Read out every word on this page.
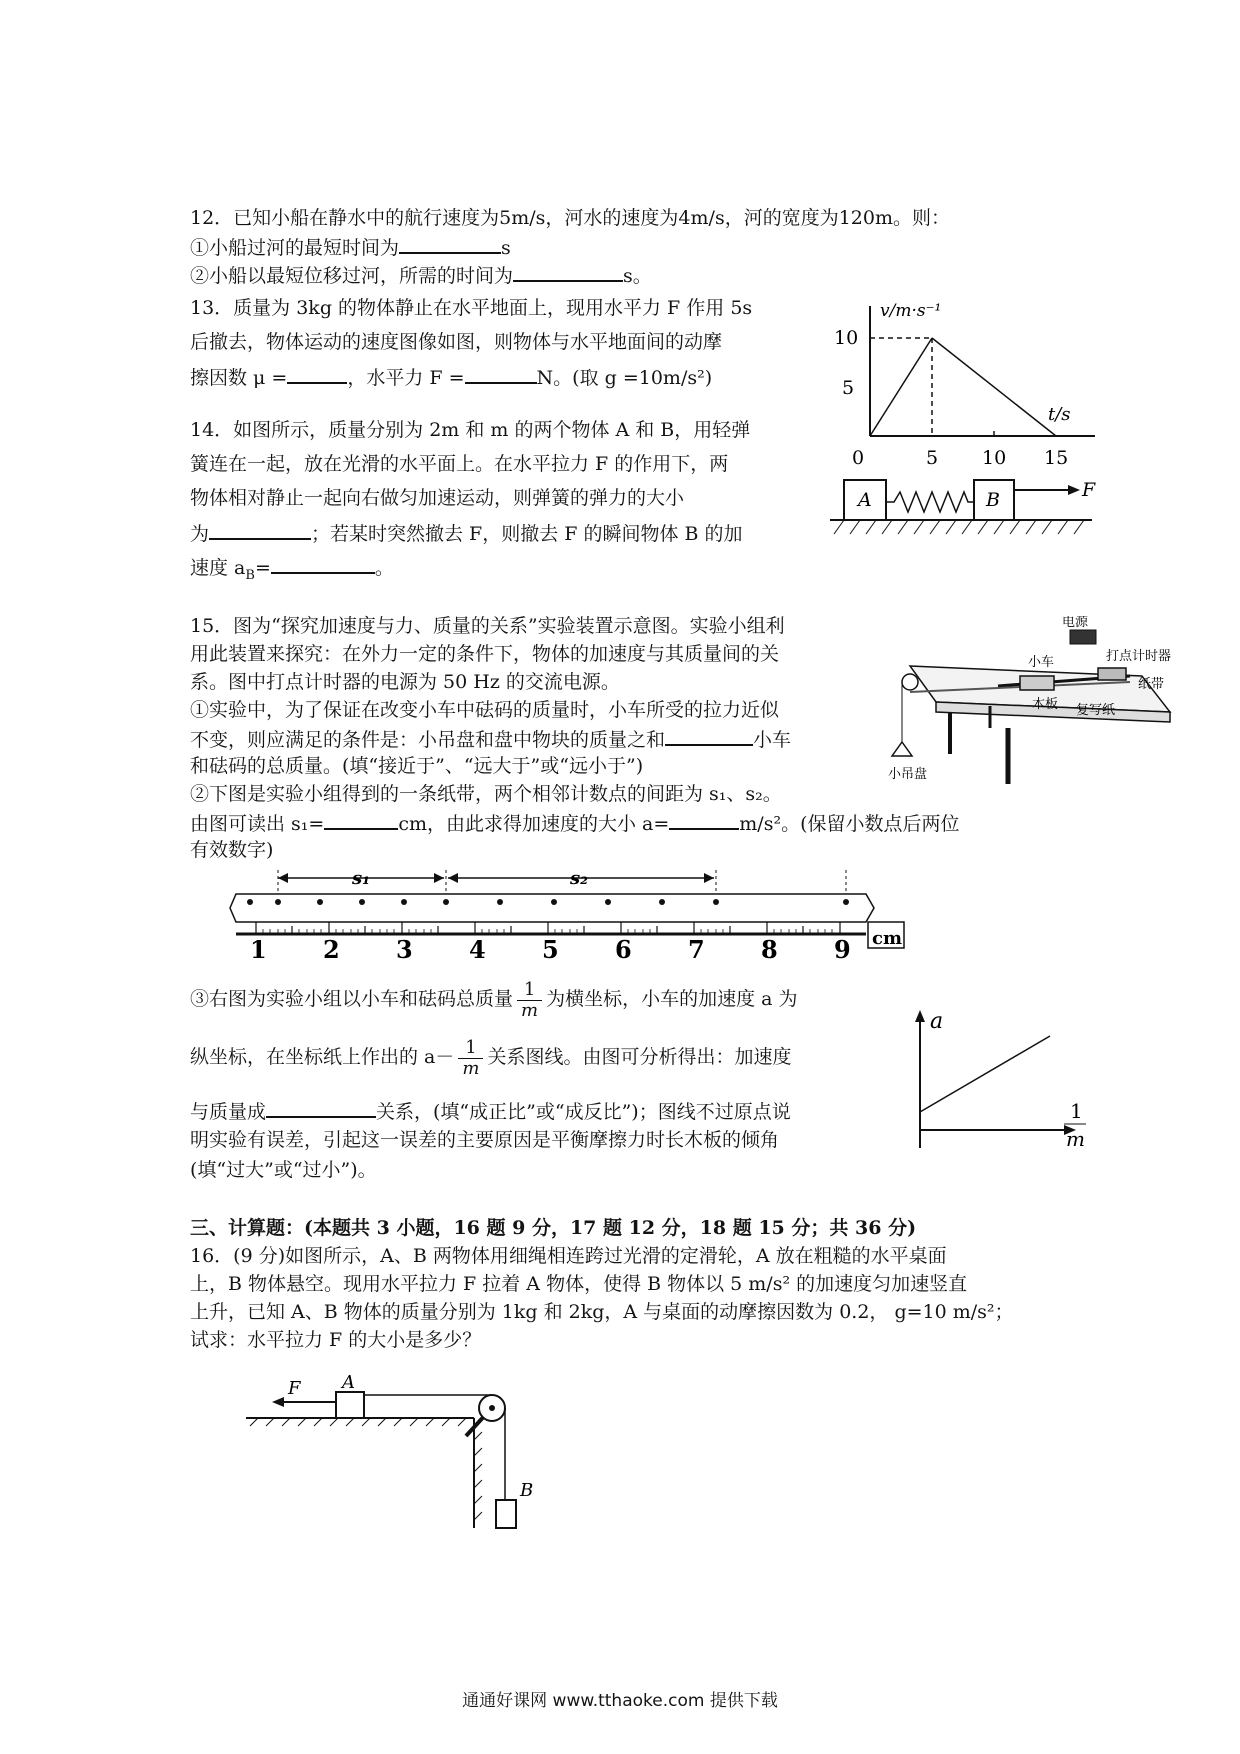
12．已知小船在静水中的航行速度为5m/s，河水的速度为4m/s，河的宽度为120m。则：
①小船过河的最短时间为	s
②小船以最短位移过河，所需的时间为	s。
13．质量为 3kg 的物体静止在水平地面上，现用水平力 F 作用 5s
后撤去，物体运动的速度图像如图，则物体与水平地面间的动摩
擦因数 μ =	，水平力 F =	N。(取 g =10m/s²)
v/m·s⁻¹
t/s
10
5
0	5 10 15
14．如图所示，质量分别为 2m 和 m 的两个物体 A 和 B，用轻弹
簧连在一起，放在光滑的水平面上。在水平拉力 F 的作用下，两
物体相对静止一起向右做匀加速运动，则弹簧的弹力的大小
为	；若某时突然撤去 F，则撤去 F 的瞬间物体 B 的加
速度 $a_B=$	。
A	B	F
15．图为“探究加速度与力、质量的关系”实验装置示意图。实验小组利
用此装置来探究：在外力一定的条件下，物体的加速度与其质量间的关
系。图中打点计时器的电源为 50 Hz 的交流电源。
①实验中，为了保证在改变小车中砝码的质量时，小车所受的拉力近似
不变，则应满足的条件是：小吊盘和盘中物块的质量之和	小车
和砝码的总质量。(填“接近于”、“远大于”或“远小于”)
②下图是实验小组得到的一条纸带，两个相邻计数点的间距为 s₁、s₂。
由图可读出 s₁=	cm，由此求得加速度的大小 a=	m/s²。(保留小数点后两位
有效数字)
电源
打点计时器
小车
纸带
木板 复写纸
小吊盘
s₁	s₂
1 2 3 4 5 6 7 8 9 cm
③右图为实验小组以小车和砝码总质量 $\frac{1}{m}$ 为横坐标，小车的加速度 a 为
纵坐标，在坐标纸上作出的 $a- \frac{1}{m}$ 关系图线。由图可分析得出：加速度
与质量成	关系，(填“成正比”或“成反比”)；图线不过原点说
明实验有误差，引起这一误差的主要原因是平衡摩擦力时长木板的倾角
(填“过大”或“过小”)。
a
1
m
三、计算题：(本题共 3 小题，16 题 9 分，17 题 12 分，18 题 15 分；共 36 分)
16．(9 分)如图所示，A、B 两物体用细绳相连跨过光滑的定滑轮，A 放在粗糙的水平桌面
上，B 物体悬空。现用水平拉力 F 拉着 A 物体，使得 B 物体以 5 m/s² 的加速度匀加速竖直
上升，已知 A、B 物体的质量分别为 1kg 和 2kg，A 与桌面的动摩擦因数为 0.2， g=10 m/s²；
试求：水平拉力 F 的大小是多少？
F A
B
通通好课网 www.tthaoke.com 提供下载
